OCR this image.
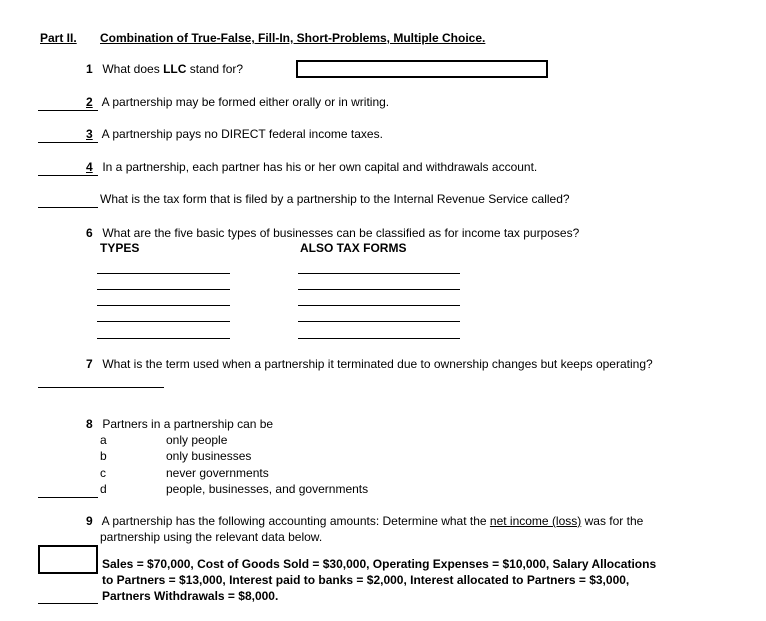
Part II. Combination of True-False, Fill-In, Short-Problems, Multiple Choice.
1 What does LLC stand for?
2 A partnership may be formed either orally or in writing.
3 A partnership pays no DIRECT federal income taxes.
4 In a partnership, each partner has his or her own capital and withdrawals account.
What is the tax form that is filed by a partnership to the Internal Revenue Service called?
6 What are the five basic types of businesses can be classified as for income tax purposes?
TYPES	ALSO TAX FORMS
7 What is the term used when a partnership it terminated due to ownership changes but keeps operating?
8 Partners in a partnership can be
a	only people
b	only businesses
c	never governments
d	people, businesses, and governments
9 A partnership has the following accounting amounts: Determine what the net income (loss) was for the
partnership using the relevant data below.
Sales = $70,000, Cost of Goods Sold = $30,000, Operating Expenses = $10,000, Salary Allocations
to Partners = $13,000, Interest paid to banks = $2,000, Interest allocated to Partners = $3,000,
Partners Withdrawals = $8,000.
